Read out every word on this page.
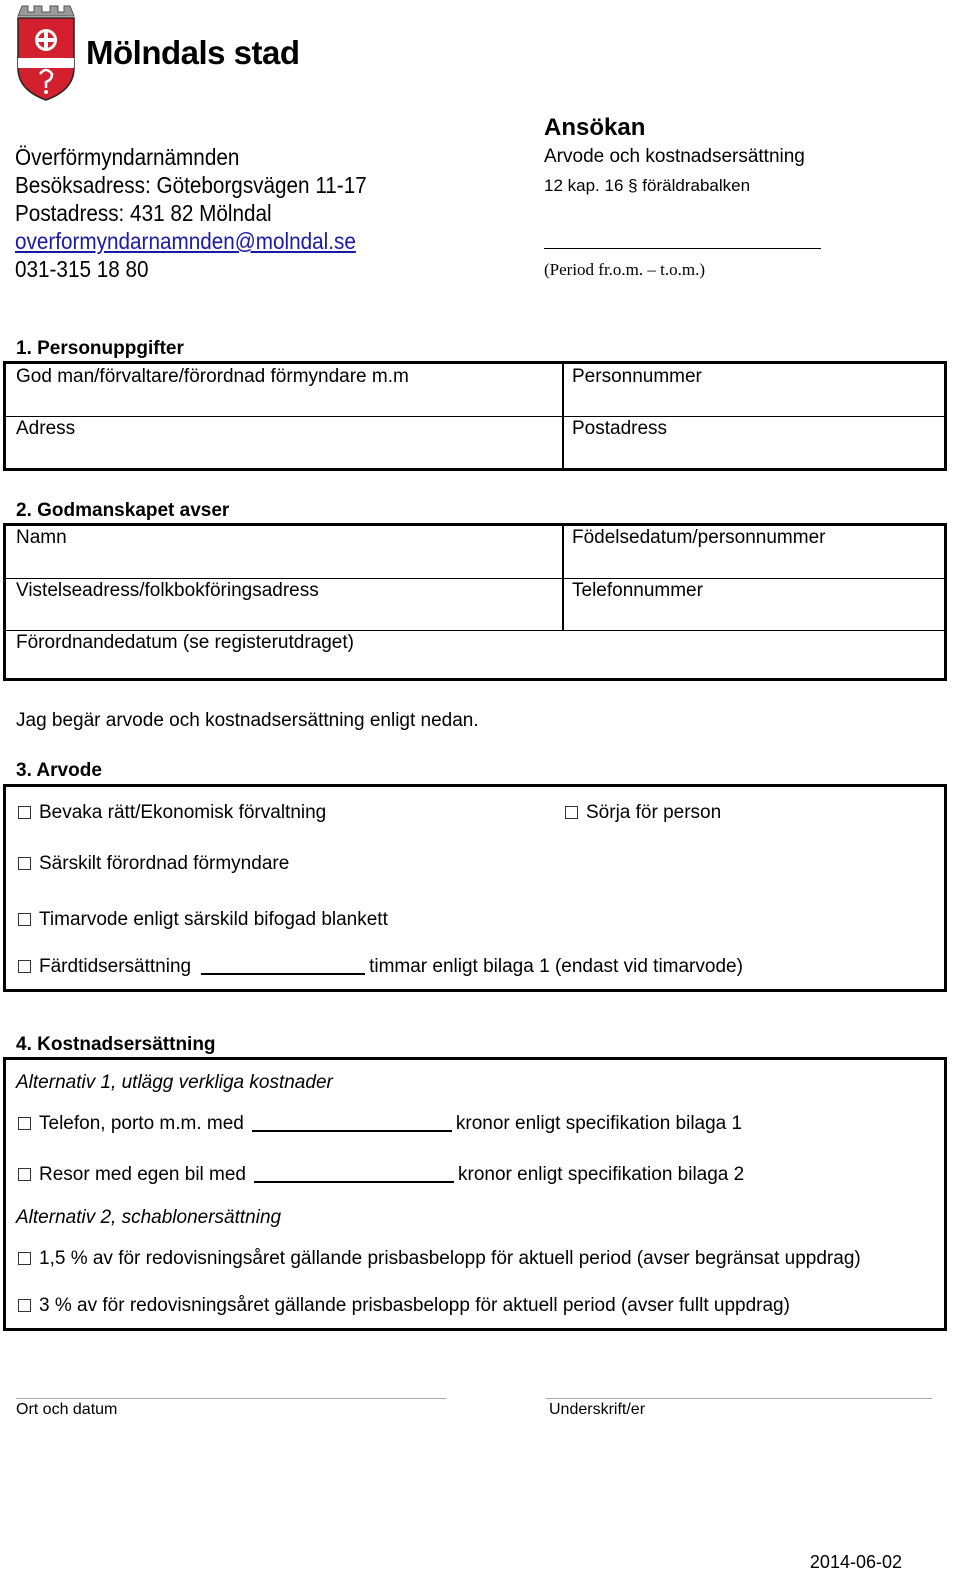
Mölndals stad
Överförmyndarnämnden
Besöksadress: Göteborgsvägen 11-17
Postadress: 431 82 Mölndal
overformyndarnamnden@molndal.se
031-315 18 80
Ansökan
Arvode och kostnadsersättning
12 kap. 16 § föräldrabalken
(Period fr.o.m. – t.o.m.)
1. Personuppgifter
God man/förvaltare/förordnad förmyndare m.m	Personnummer
Adress	Postadress
2. Godmanskapet avser
Namn	Födelsedatum/personnummer
Vistelseadress/folkbokföringsadress	Telefonnummer
Förordnandedatum (se registerutdraget)
Jag begär arvode och kostnadsersättning enligt nedan.
3. Arvode
Bevaka rätt/Ekonomisk förvaltning	Sörja för person
Särskilt förordnad förmyndare
Timarvode enligt särskild bifogad blankett
Färdtidsersättning	timmar enligt bilaga 1 (endast vid timarvode)
4. Kostnadsersättning
Alternativ 1, utlägg verkliga kostnader
Telefon, porto m.m. med	kronor enligt specifikation bilaga 1
Resor med egen bil med	kronor enligt specifikation bilaga 2
Alternativ 2, schablonersättning
1,5 % av för redovisningsåret gällande prisbasbelopp för aktuell period (avser begränsat uppdrag)
3 % av för redovisningsåret gällande prisbasbelopp för aktuell period (avser fullt uppdrag)
Ort och datum	Underskrift/er
2014-06-02
